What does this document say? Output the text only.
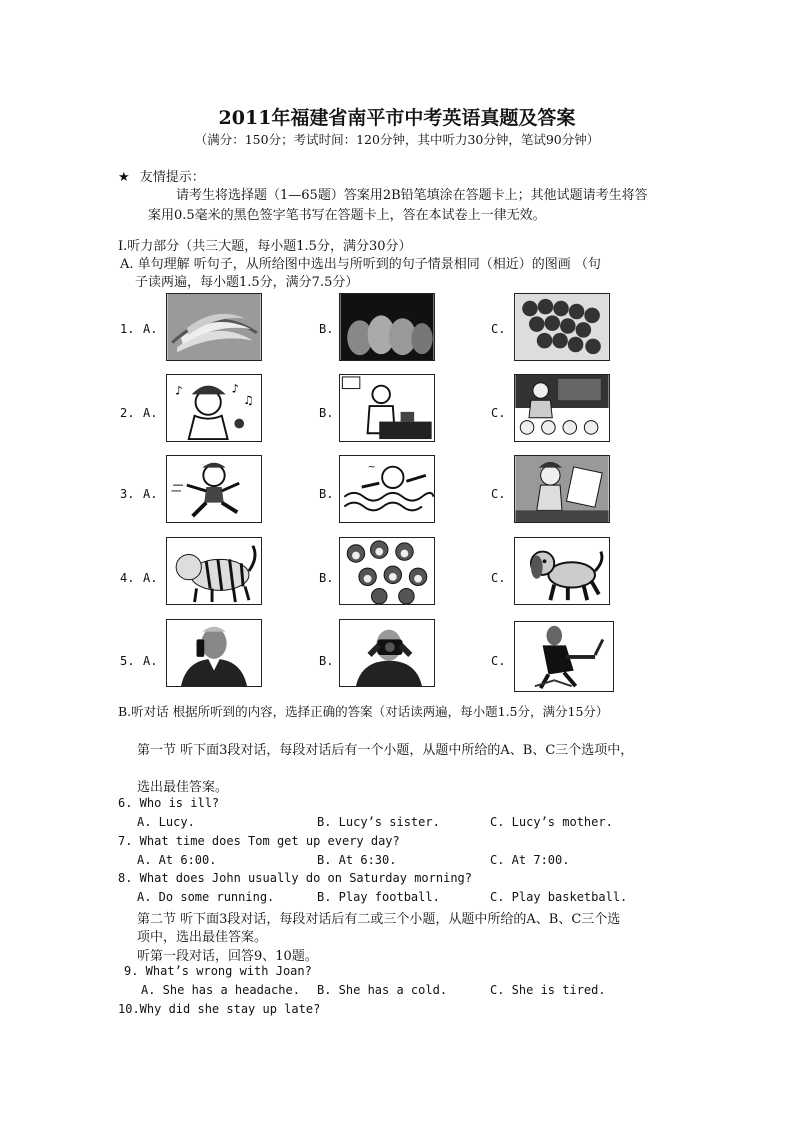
2011年福建省南平市中考英语真题及答案
（满分：150分；考试时间：120分钟，其中听力30分钟，笔试90分钟）
★ 友情提示：
请考生将选择题（1—65题）答案用2B铅笔填涂在答题卡上；其他试题请考生将答
案用0.5毫米的黑色签字笔书写在答题卡上，答在本试卷上一律无效。
I.听力部分（共三大题，每小题1.5分，满分30分）
A. 单句理解 听句子，从所给图中选出与所听到的句子情景相同（相近）的图画 （句
子读两遍，每小题1.5分，满分7.5分）
1. A.	B.	C.
2. A.
♪
♫
♪
B.	C.
3. A.	B.
~
C.
4. A.	B.	C.
5. A.	B.	C.
B.听对话 根据所听到的内容，选择正确的答案（对话读两遍，每小题1.5分，满分15分）
第一节 听下面3段对话，每段对话后有一个小题，从题中所给的A、B、C三个选项中，
选出最佳答案。
6. Who is ill?
A. Lucy.	B. Lucy’s sister.	C. Lucy’s mother.
7. What time does Tom get up every day?
A. At 6:00.	B. At 6:30.	C. At 7:00.
8. What does John usually do on Saturday morning?
A. Do some running.	B. Play football.	C. Play basketball.
第二节 听下面3段对话，每段对话后有二或三个小题，从题中所给的A、B、C三个选
项中，选出最佳答案。
听第一段对话，回答9、10题。
9. What’s wrong with Joan?
A. She has a headache. B. She has a cold.	C. She is tired.
10.Why did she stay up late?
